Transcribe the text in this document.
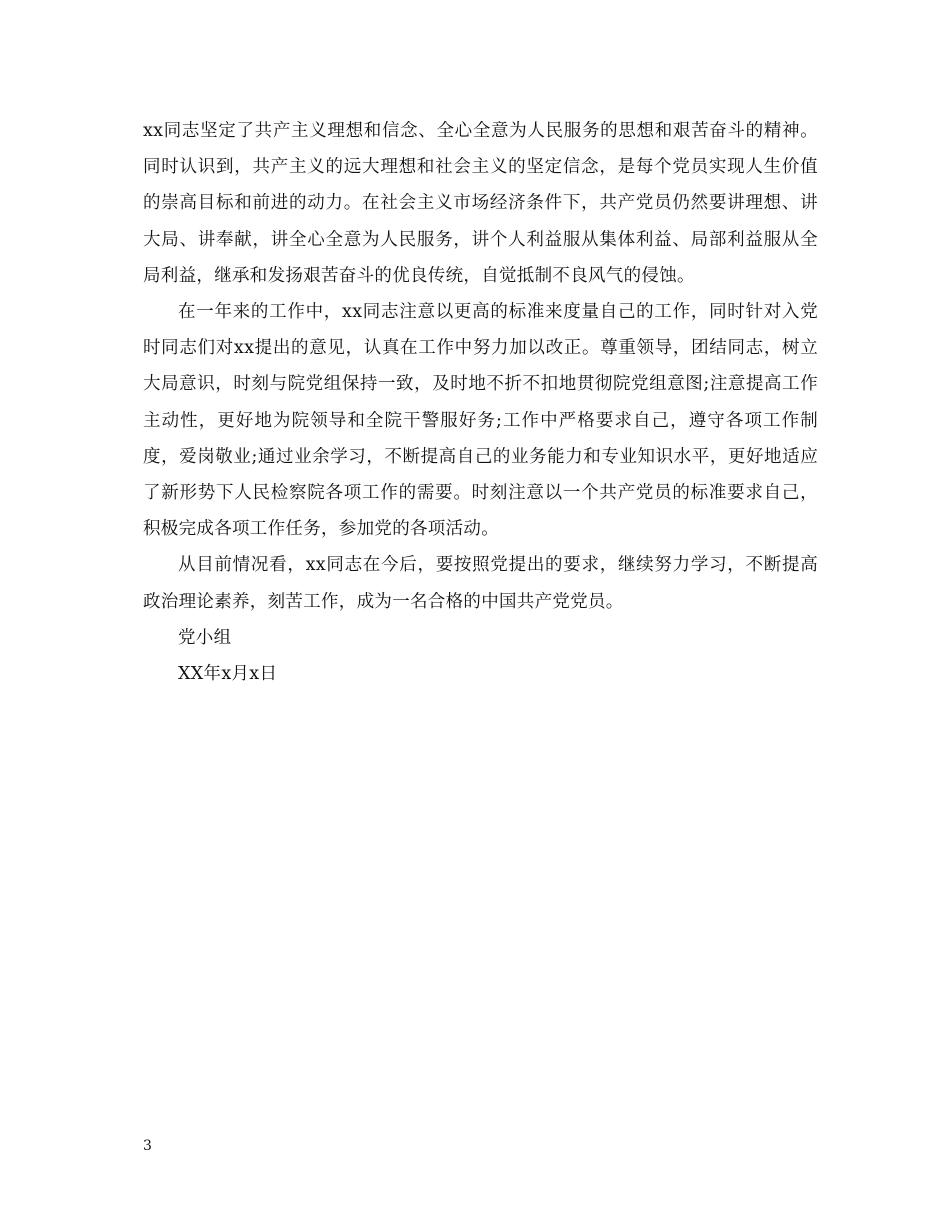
xx同志坚定了共产主义理想和信念、全心全意为人民服务的思想和艰苦奋斗的精神。同时认识到，共产主义的远大理想和社会主义的坚定信念，是每个党员实现人生价值的崇高目标和前进的动力。在社会主义市场经济条件下，共产党员仍然要讲理想、讲大局、讲奉献，讲全心全意为人民服务，讲个人利益服从集体利益、局部利益服从全局利益，继承和发扬艰苦奋斗的优良传统，自觉抵制不良风气的侵蚀。

在一年来的工作中，xx同志注意以更高的标准来度量自己的工作，同时针对入党时同志们对xx提出的意见，认真在工作中努力加以改正。尊重领导，团结同志，树立大局意识，时刻与院党组保持一致，及时地不折不扣地贯彻院党组意图;注意提高工作主动性，更好地为院领导和全院干警服好务;工作中严格要求自己，遵守各项工作制度，爱岗敬业;通过业余学习，不断提高自己的业务能力和专业知识水平，更好地适应了新形势下人民检察院各项工作的需要。时刻注意以一个共产党员的标准要求自己，积极完成各项工作任务，参加党的各项活动。

从目前情况看，xx同志在今后，要按照党提出的要求，继续努力学习，不断提高政治理论素养，刻苦工作，成为一名合格的中国共产党党员。

党小组

XX年x月x日

3
